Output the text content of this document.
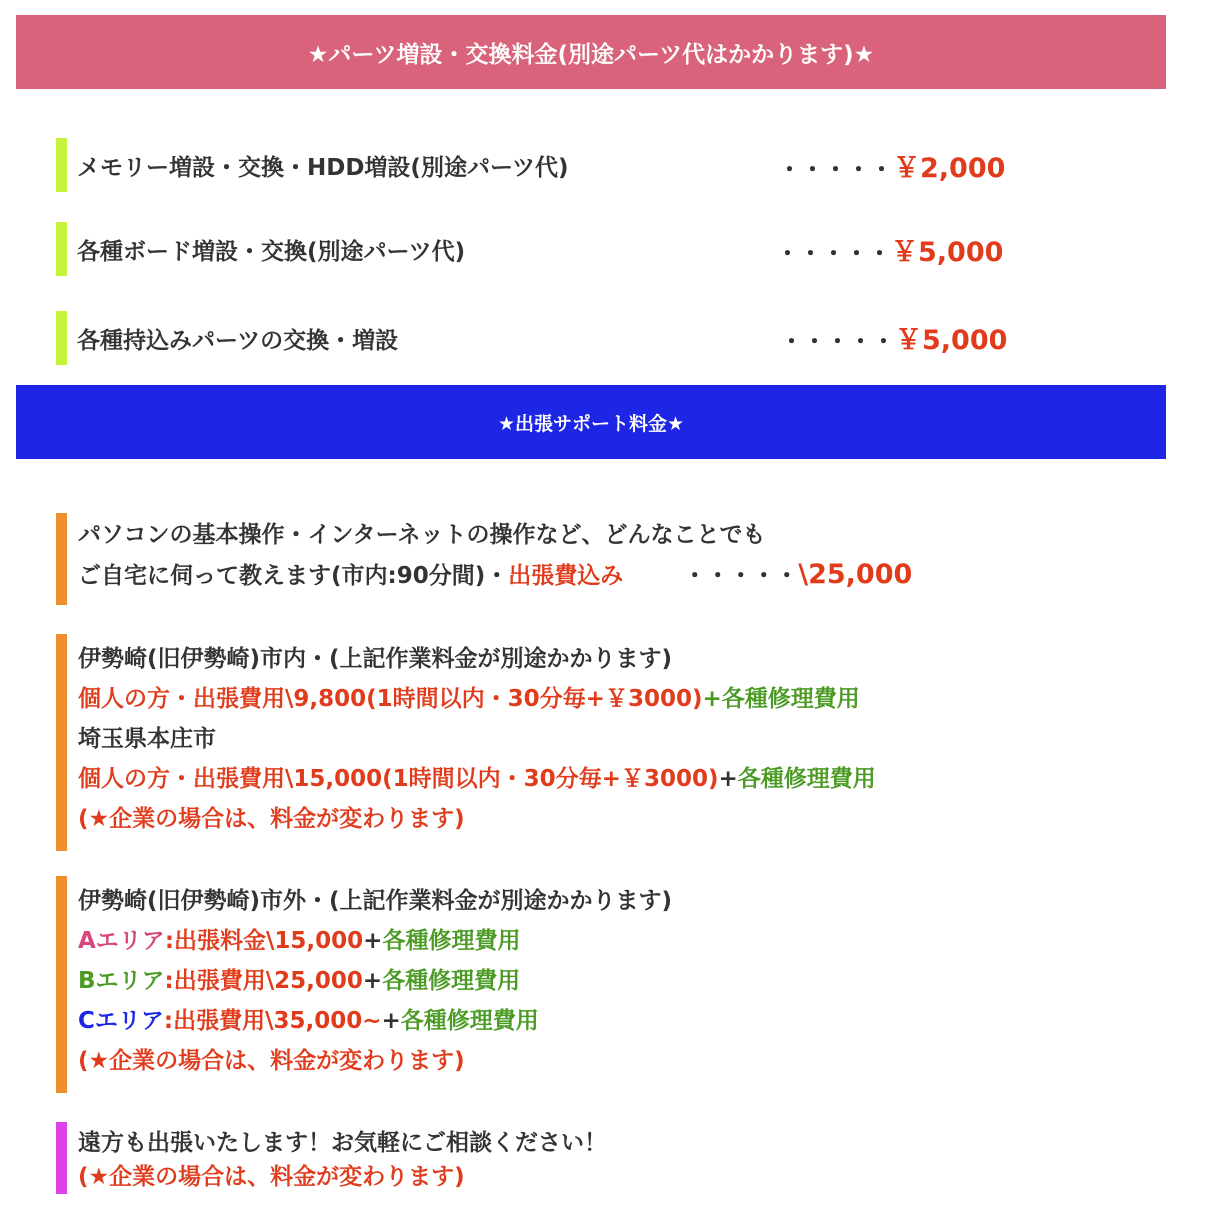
★パーツ増設・交換料金(別途パーツ代はかかります)★
メモリー増設・交換・HDD増設(別途パーツ代)	・・・・・￥2,000
各種ボード増設・交換(別途パーツ代)	・・・・・￥5,000
各種持込みパーツの交換・増設	・・・・・￥5,000
★出張サポート料金★
パソコンの基本操作・インターネットの操作など、どんなことでも
ご自宅に伺って教えます(市内:90分間)・出張費込み	・・・・・\25,000
伊勢崎(旧伊勢崎)市内・(上記作業料金が別途かかります)
個人の方・出張費用\9,800(1時間以内・30分毎+￥3000)+各種修理費用
埼玉県本庄市
個人の方・出張費用\15,000(1時間以内・30分毎+￥3000)+各種修理費用
(★企業の場合は、料金が変わります)
伊勢崎(旧伊勢崎)市外・(上記作業料金が別途かかります)
Aエリア:出張料金\15,000+各種修理費用
Bエリア:出張費用\25,000+各種修理費用
Cエリア:出張費用\35,000~+各種修理費用
(★企業の場合は、料金が変わります)
遠方も出張いたします！お気軽にご相談ください！
(★企業の場合は、料金が変わります)
